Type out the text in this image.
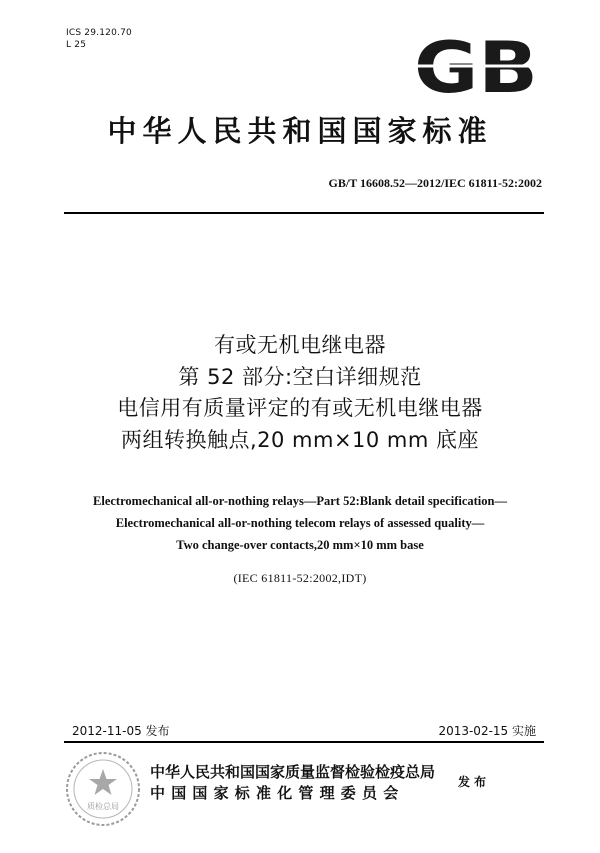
ICS 29.120.70
L 25	GB
中华人民共和国国家标准
GB/T 16608.52—2012/IEC 61811-52:2002
有或无机电继电器
第 52 部分:空白详细规范
电信用有质量评定的有或无机电继电器
两组转换触点,20 mm×10 mm 底座
Electromechanical all-or-nothing relays—Part 52:Blank detail specification—
Electromechanical all-or-nothing telecom relays of assessed quality—
Two change-over contacts,20 mm×10 mm base
(IEC 61811-52:2002,IDT)
2012-11-05 发布	2013-02-15 实施
质检总局
中华人民共和国国家质量监督检验检疫总局
中国国家标准化管理委员会
发布
